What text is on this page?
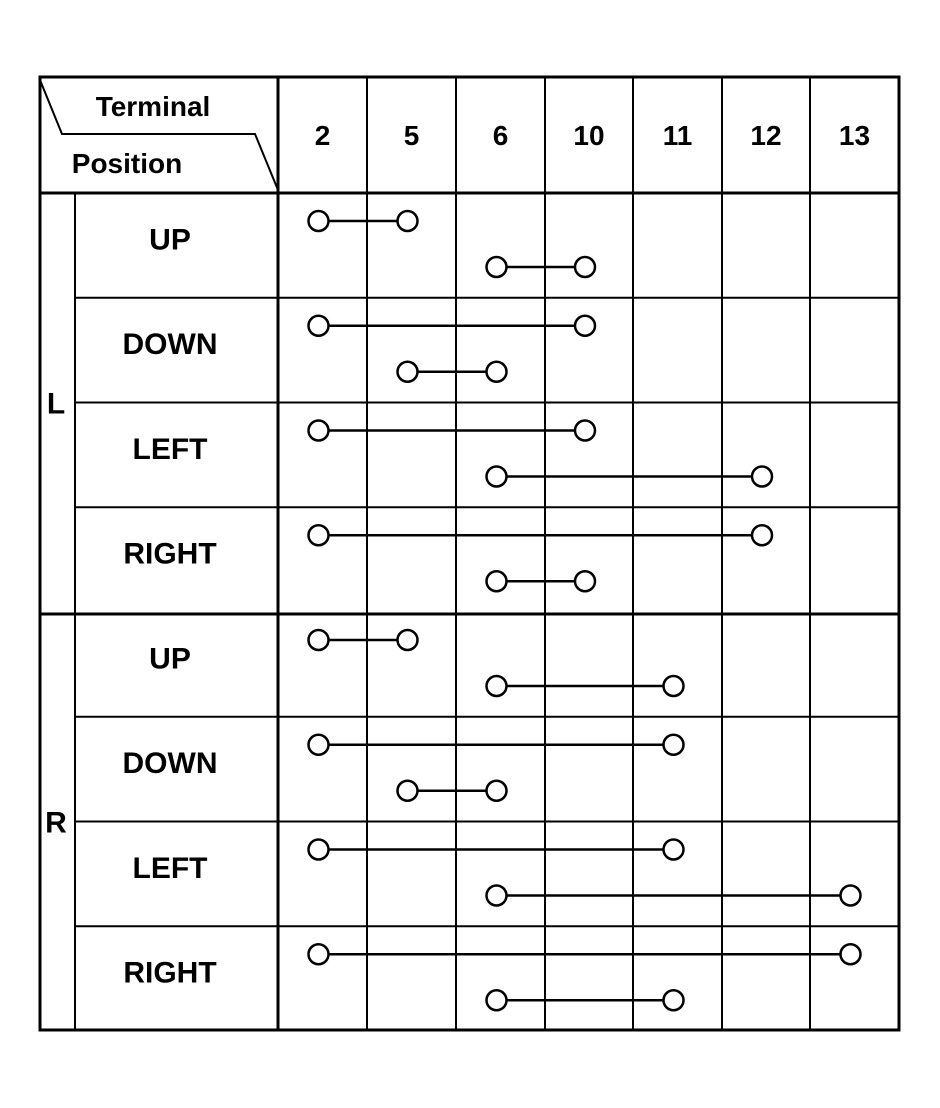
Terminal
Position
2	5	6 10 11 12 13
L
R
UP
DOWN
LEFT
RIGHT
UP
DOWN
LEFT
RIGHT
